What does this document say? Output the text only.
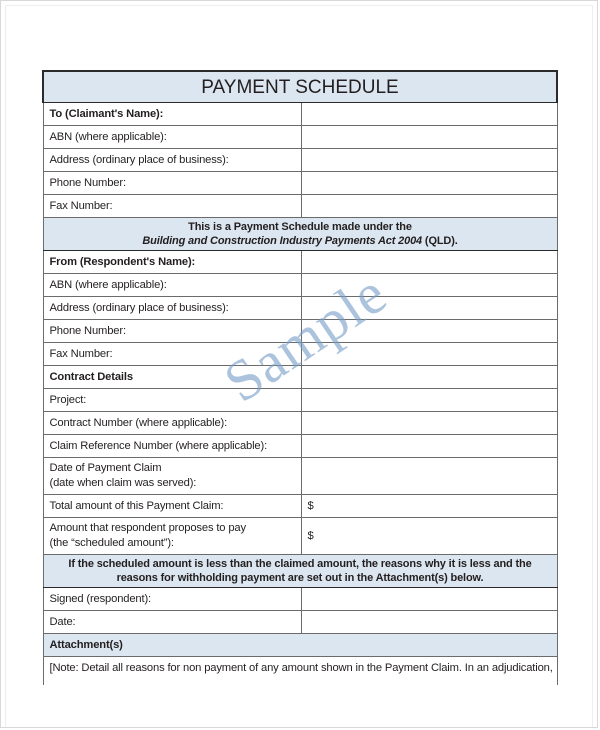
PAYMENT SCHEDULE	
To (Claimant's Name):	
ABN (where applicable):	
Address (ordinary place of business):	
Phone Number:	
Fax Number:	
This is a Payment Schedule made under the
Building and Construction Industry Payments Act 2004 (QLD).	
From (Respondent's Name):	
ABN (where applicable):	
Address (ordinary place of business):	
Phone Number:	
Fax Number:	
Contract Details	
Project:	
Contract Number (where applicable):	
Claim Reference Number (where applicable):	
Date of Payment Claim
(date when claim was served):	
Total amount of this Payment Claim:	$
Amount that respondent proposes to pay
(the “scheduled amount”):	$
If the scheduled amount is less than the claimed amount, the reasons why it is less and the reasons for withholding payment are set out in the Attachment(s) below.	
Signed (respondent):	
Date:	
Attachment(s)	
[Note: Detail all reasons for non payment of any amount shown in the Payment Claim. In an adjudication,	
Sample
